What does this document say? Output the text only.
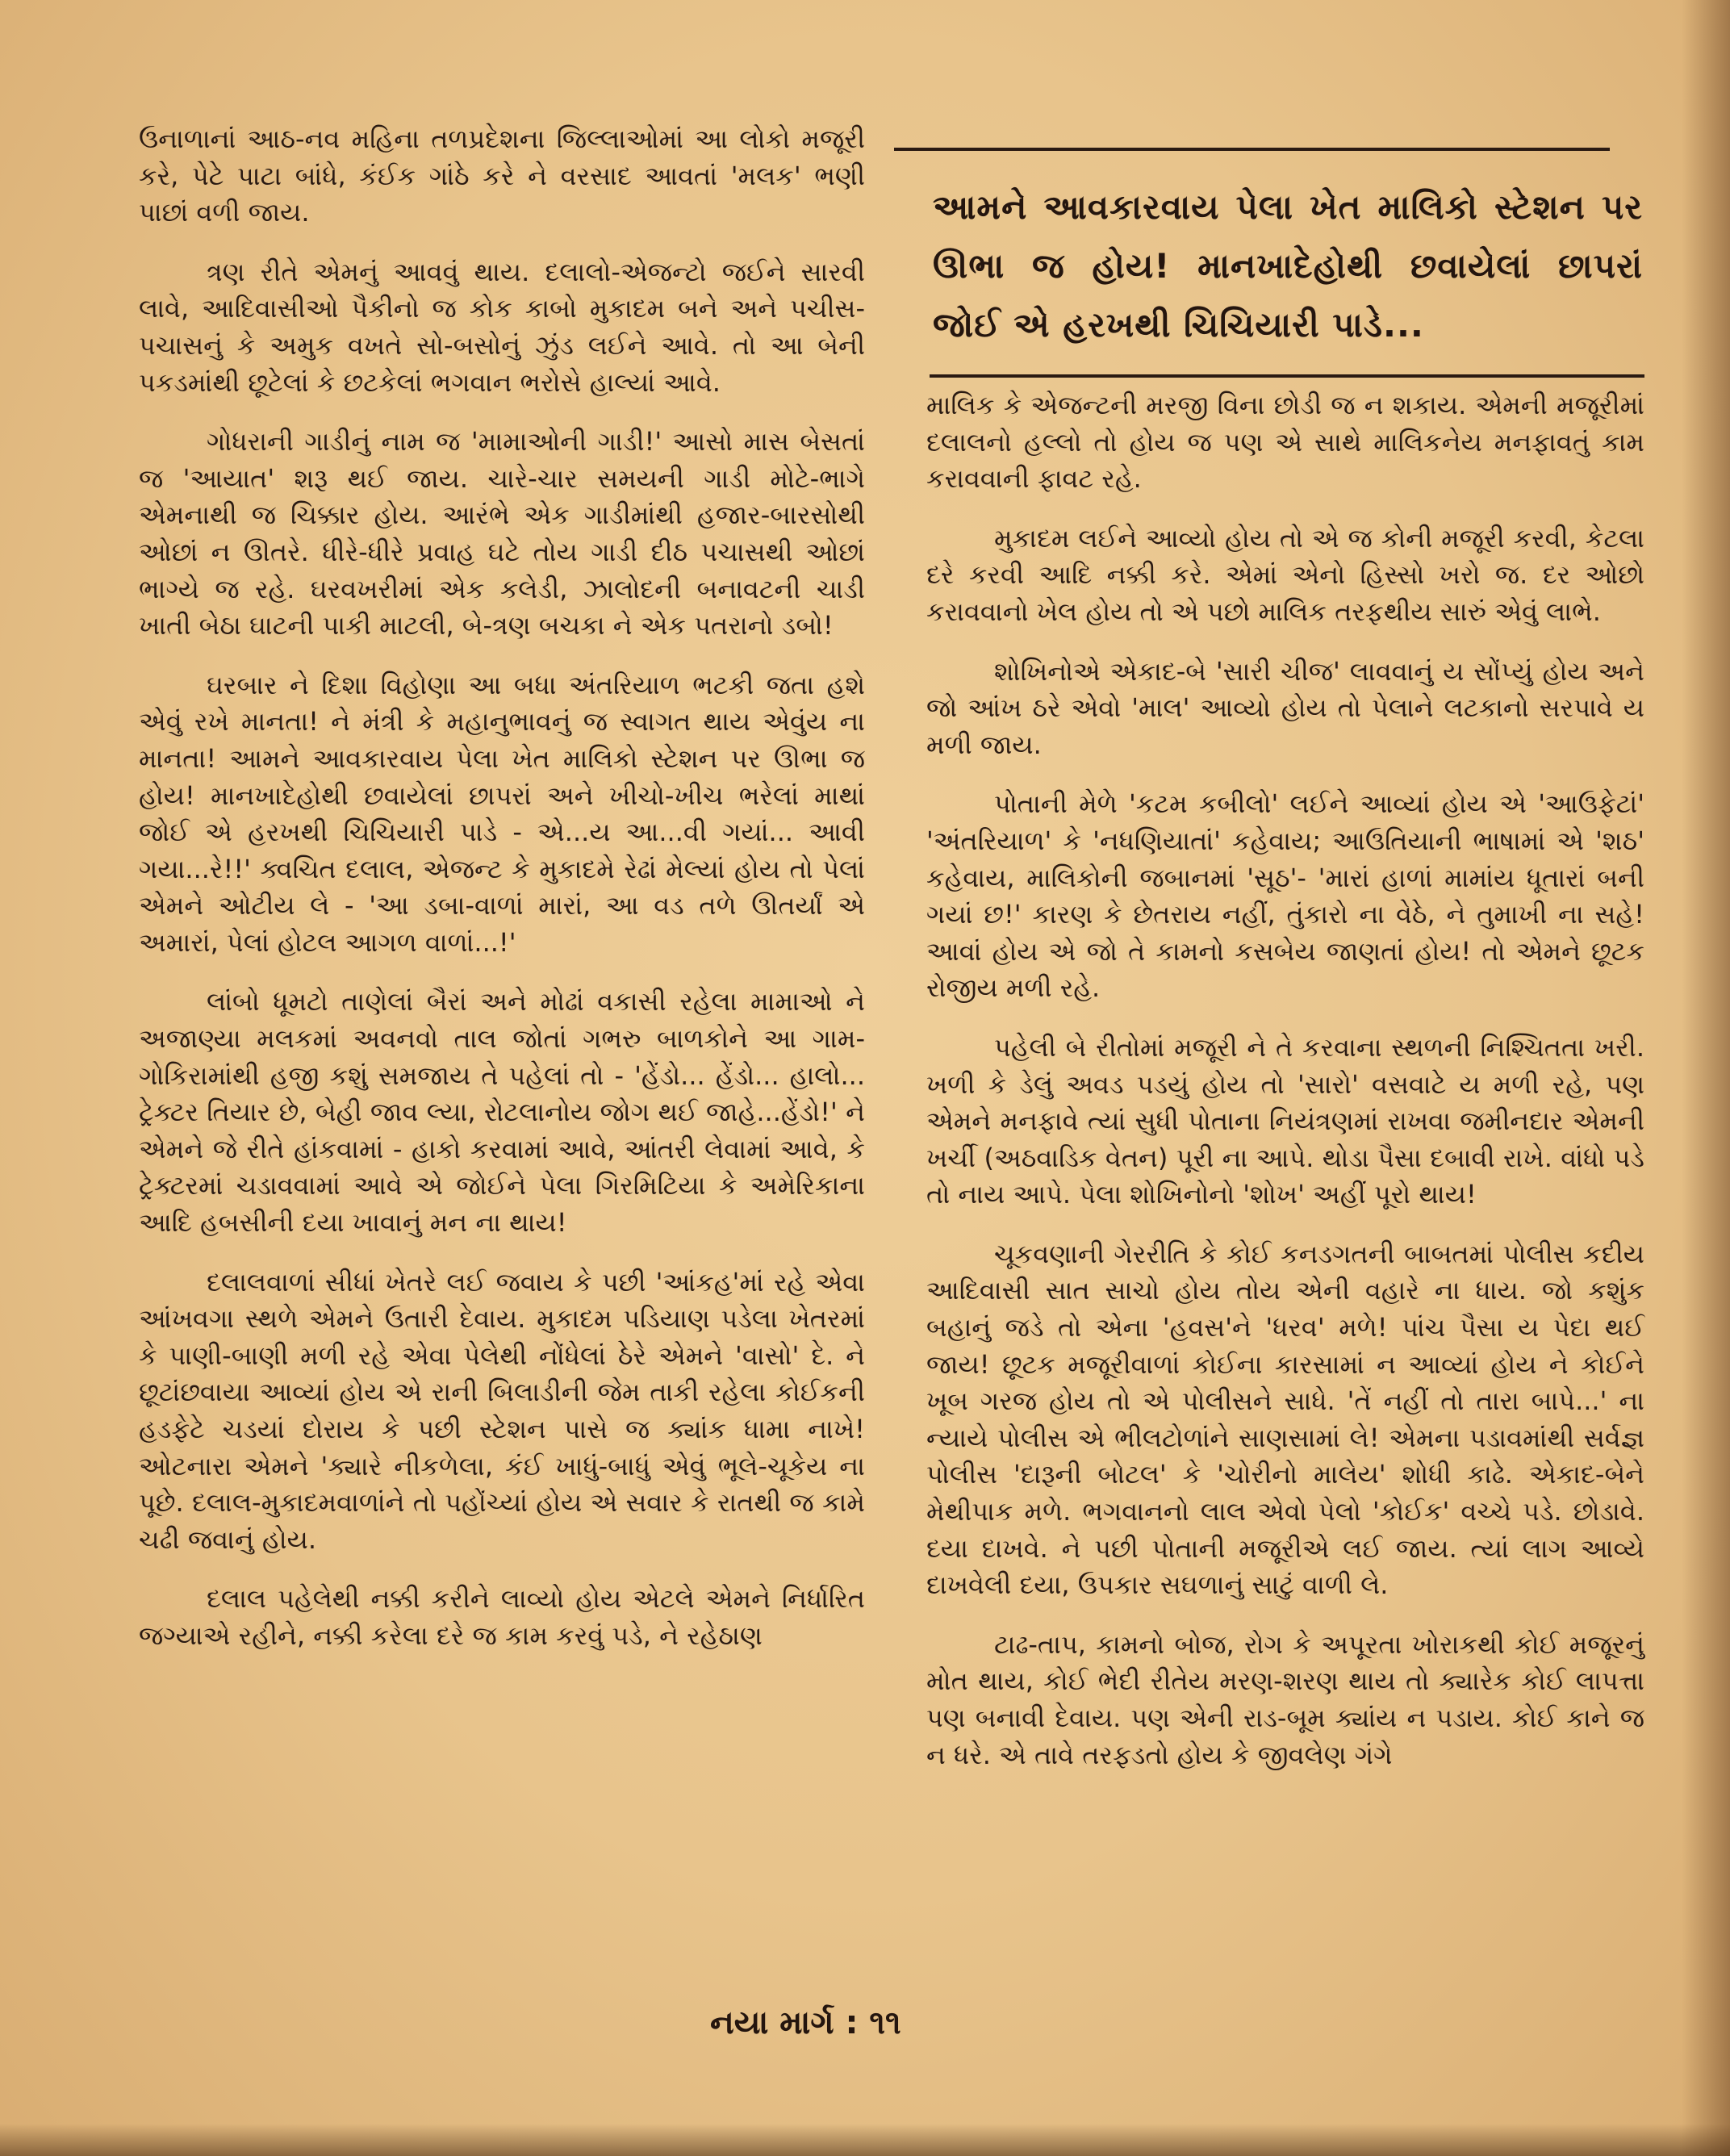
ઉનાળાનાં આઠ-નવ મહિના તળપ્રદેશના જિલ્લાઓમાં આ લોકો મજૂરી કરે, પેટે પાટા બાંધે, કંઈક ગાંઠે કરે ને વરસાદ આવતાં 'મલક' ભણી પાછાં વળી જાય.

ત્રણ રીતે એમનું આવવું થાય. દલાલો-એજન્ટો જઈને સારવી લાવે, આદિવાસીઓ પૈકીનો જ કોક કાબો મુકાદમ બને અને પચીસ-પચાસનું કે અમુક વખતે સો-બસોનું ઝુંડ લઈને આવે. તો આ બેની પકડમાંથી છૂટેલાં કે છટકેલાં ભગવાન ભરોસે હાલ્યાં આવે.

ગોધરાની ગાડીનું નામ જ 'મામાઓની ગાડી!' આસો માસ બેસતાં જ 'આયાત' શરૂ થઈ જાય. ચારે-ચાર સમયની ગાડી મોટે-ભાગે એમનાથી જ ચિક્કાર હોય. આરંભે એક ગાડીમાંથી હજાર-બારસોથી ઓછાં ન ઊતરે. ધીરે-ધીરે પ્રવાહ ઘટે તોય ગાડી દીઠ પચાસથી ઓછાં ભાગ્યે જ રહે. ઘરવખરીમાં એક કલેડી, ઝાલોદની બનાવટની ચાડી ખાતી બેઠા ઘાટની પાકી માટલી, બે-ત્રણ બચકા ને એક પતરાનો ડબો!

ઘરબાર ને દિશા વિહોણા આ બધા અંતરિયાળ ભટકી જતા હશે એવું રખે માનતા! ને મંત્રી કે મહાનુભાવનું જ સ્વાગત થાય એવુંય ના માનતા! આમને આવકારવાય પેલા ખેત માલિકો સ્ટેશન પર ઊભા જ હોય! માનખાદેહોથી છવાયેલાં છાપરાં અને ખીચો-ખીચ ભરેલાં માથાં જોઈ એ હરખથી ચિચિયારી પાડે - એ...ય આ...વી ગયાં... આવી ગયા...રે!!' ક્વચિત દલાલ, એજન્ટ કે મુકાદમે રેઢાં મેલ્યાં હોય તો પેલાં એમને ઓટીય લે - 'આ ડબા-વાળાં મારાં, આ વડ તળે ઊતર્યાં એ અમારાં, પેલાં હોટલ આગળ વાળાં...!'

લાંબો ધૂમટો તાણેલાં બૈરાં અને મોઢાં વકાસી રહેલા મામાઓ ને અજાણ્યા મલકમાં અવનવો તાલ જોતાં ગભરુ બાળકોને આ ગામ-ગોકિરામાંથી હજી કશું સમજાય તે પહેલાં તો - 'હેંડો... હેંડો... હાલો... ટ્રેક્ટર તિયાર છે, બેહી જાવ લ્યા, રોટલાનોય જોગ થઈ જાહે...હેંડો!' ને એમને જે રીતે હાંકવામાં - હાકો કરવામાં આવે, આંતરી લેવામાં આવે, કે ટ્રેક્ટરમાં ચડાવવામાં આવે એ જોઈને પેલા ગિરમિટિયા કે અમેરિકાના આદિ હબસીની દયા ખાવાનું મન ના થાય!

દલાલવાળાં સીધાં ખેતરે લઈ જવાય કે પછી 'આંકહ'માં રહે એવા આંખવગા સ્થળે એમને ઉતારી દેવાય. મુકાદમ પડિયાણ પડેલા ખેતરમાં કે પાણી-બાણી મળી રહે એવા પેલેથી નોંધેલાં ઠેરે એમને 'વાસો' દે. ને છૂટાંછવાયા આવ્યાં હોય એ રાની બિલાડીની જેમ તાકી રહેલા કોઈકની હડફેટે ચડયાં દોરાય કે પછી સ્ટેશન પાસે જ ક્યાંક ધામા નાખે! ઓટનારા એમને 'ક્યારે નીકળેલા, કંઈ ખાધું-બાધું એવું ભૂલે-ચૂકેય ના પૂછે. દલાલ-મુકાદમવાળાંને તો પહોંચ્યાં હોય એ સવાર કે રાતથી જ કામે ચઢી જવાનું હોય.

દલાલ પહેલેથી નક્કી કરીને લાવ્યો હોય એટલે એમને નિર્ધારિત જગ્યાએ રહીને, નક્કી કરેલા દરે જ કામ કરવું પડે, ને રહેઠાણ

આમને આવકારવાય પેલા ખેત માલિકો સ્ટેશન પર ઊભા જ હોય! માનખાદેહોથી છવાયેલાં છાપરાં જોઈ એ હરખથી ચિચિયારી પાડે...

માલિક કે એજન્ટની મરજી વિના છોડી જ ન શકાય. એમની મજૂરીમાં દલાલનો હલ્લો તો હોય જ પણ એ સાથે માલિકનેય મનફાવતું કામ કરાવવાની ફાવટ રહે.

મુકાદમ લઈને આવ્યો હોય તો એ જ કોની મજૂરી કરવી, કેટલા દરે કરવી આદિ નક્કી કરે. એમાં એનો હિસ્સો ખરો જ. દર ઓછો કરાવવાનો ખેલ હોય તો એ પછો માલિક તરફથીય સારું એવું લાભે.

શોખિનોએ એકાદ-બે 'સારી ચીજ' લાવવાનું ય સોંપ્યું હોય અને જો આંખ ઠરે એવો 'માલ' આવ્યો હોય તો પેલાને લટકાનો સરપાવે ય મળી જાય.

પોતાની મેળે 'કટમ કબીલો' લઈને આવ્યાં હોય એ 'આઉફેટાં' 'અંતરિયાળ' કે 'નધણિયાતાં' કહેવાય; આઉતિયાની ભાષામાં એ 'શઠ' કહેવાય, માલિકોની જબાનમાં 'સૂઠ'- 'મારાં હાળાં મામાંય ધૂતારાં બની ગયાં છ!' કારણ કે છેતરાય નહીં, તુંકારો ના વેઠે, ને તુમાખી ના સહે! આવાં હોય એ જો તે કામનો કસબેય જાણતાં હોય! તો એમને છૂટક રોજીય મળી રહે.

પહેલી બે રીતોમાં મજૂરી ને તે કરવાના સ્થળની નિશ્ચિતતા ખરી. ખળી કે ડેલું અવડ પડયું હોય તો 'સારો' વસવાટે ય મળી રહે, પણ એમને મનફાવે ત્યાં સુધી પોતાના નિયંત્રણમાં રાખવા જમીનદાર એમની ખર્ચી (અઠવાડિક વેતન) પૂરી ના આપે. થોડા પૈસા દબાવી રાખે. વાંધો પડે તો નાય આપે. પેલા શોખિનોનો 'શોખ' અહીં પૂરો થાય!

ચૂકવણાની ગેરરીતિ કે કોઈ કનડગતની બાબતમાં પોલીસ કદીય આદિવાસી સાત સાચો હોય તોય એની વહારે ના ધાય. જો કશુંક બહાનું જડે તો એના 'હવસ'ને 'ધરવ' મળે! પાંચ પૈસા ય પેદા થઈ જાય! છૂટક મજૂરીવાળાં કોઈના કારસામાં ન આવ્યાં હોય ને કોઈને ખૂબ ગરજ હોય તો એ પોલીસને સાધે. 'તેં નહીં તો તારા બાપે...' ના ન્યાયે પોલીસ એ ભીલટોળાંને સાણસામાં લે! એમના પડાવમાંથી સર્વજ્ઞ પોલીસ 'દારૂની બોટલ' કે 'ચોરીનો માલેય' શોધી કાઢે. એકાદ-બેને મેથીપાક મળે. ભગવાનનો લાલ એવો પેલો 'કોઈક' વચ્ચે પડે. છોડાવે. દયા દાખવે. ને પછી પોતાની મજૂરીએ લઈ જાય. ત્યાં લાગ આવ્યે દાખવેલી દયા, ઉપકાર સઘળાનું સાટું વાળી લે.

ટાઢ-તાપ, કામનો બોજ, રોગ કે અપૂરતા ખોરાકથી કોઈ મજૂરનું મોત થાય, કોઈ ભેદી રીતેય મરણ-શરણ થાય તો ક્યારેક કોઈ લાપત્તા પણ બનાવી દેવાય. પણ એની રાડ-બૂમ ક્યાંય ન પડાય. કોઈ કાને જ ન ધરે. એ તાવે તરફડતો હોય કે જીવલેણ ગંગે

નયા માર્ગ : ૧૧
